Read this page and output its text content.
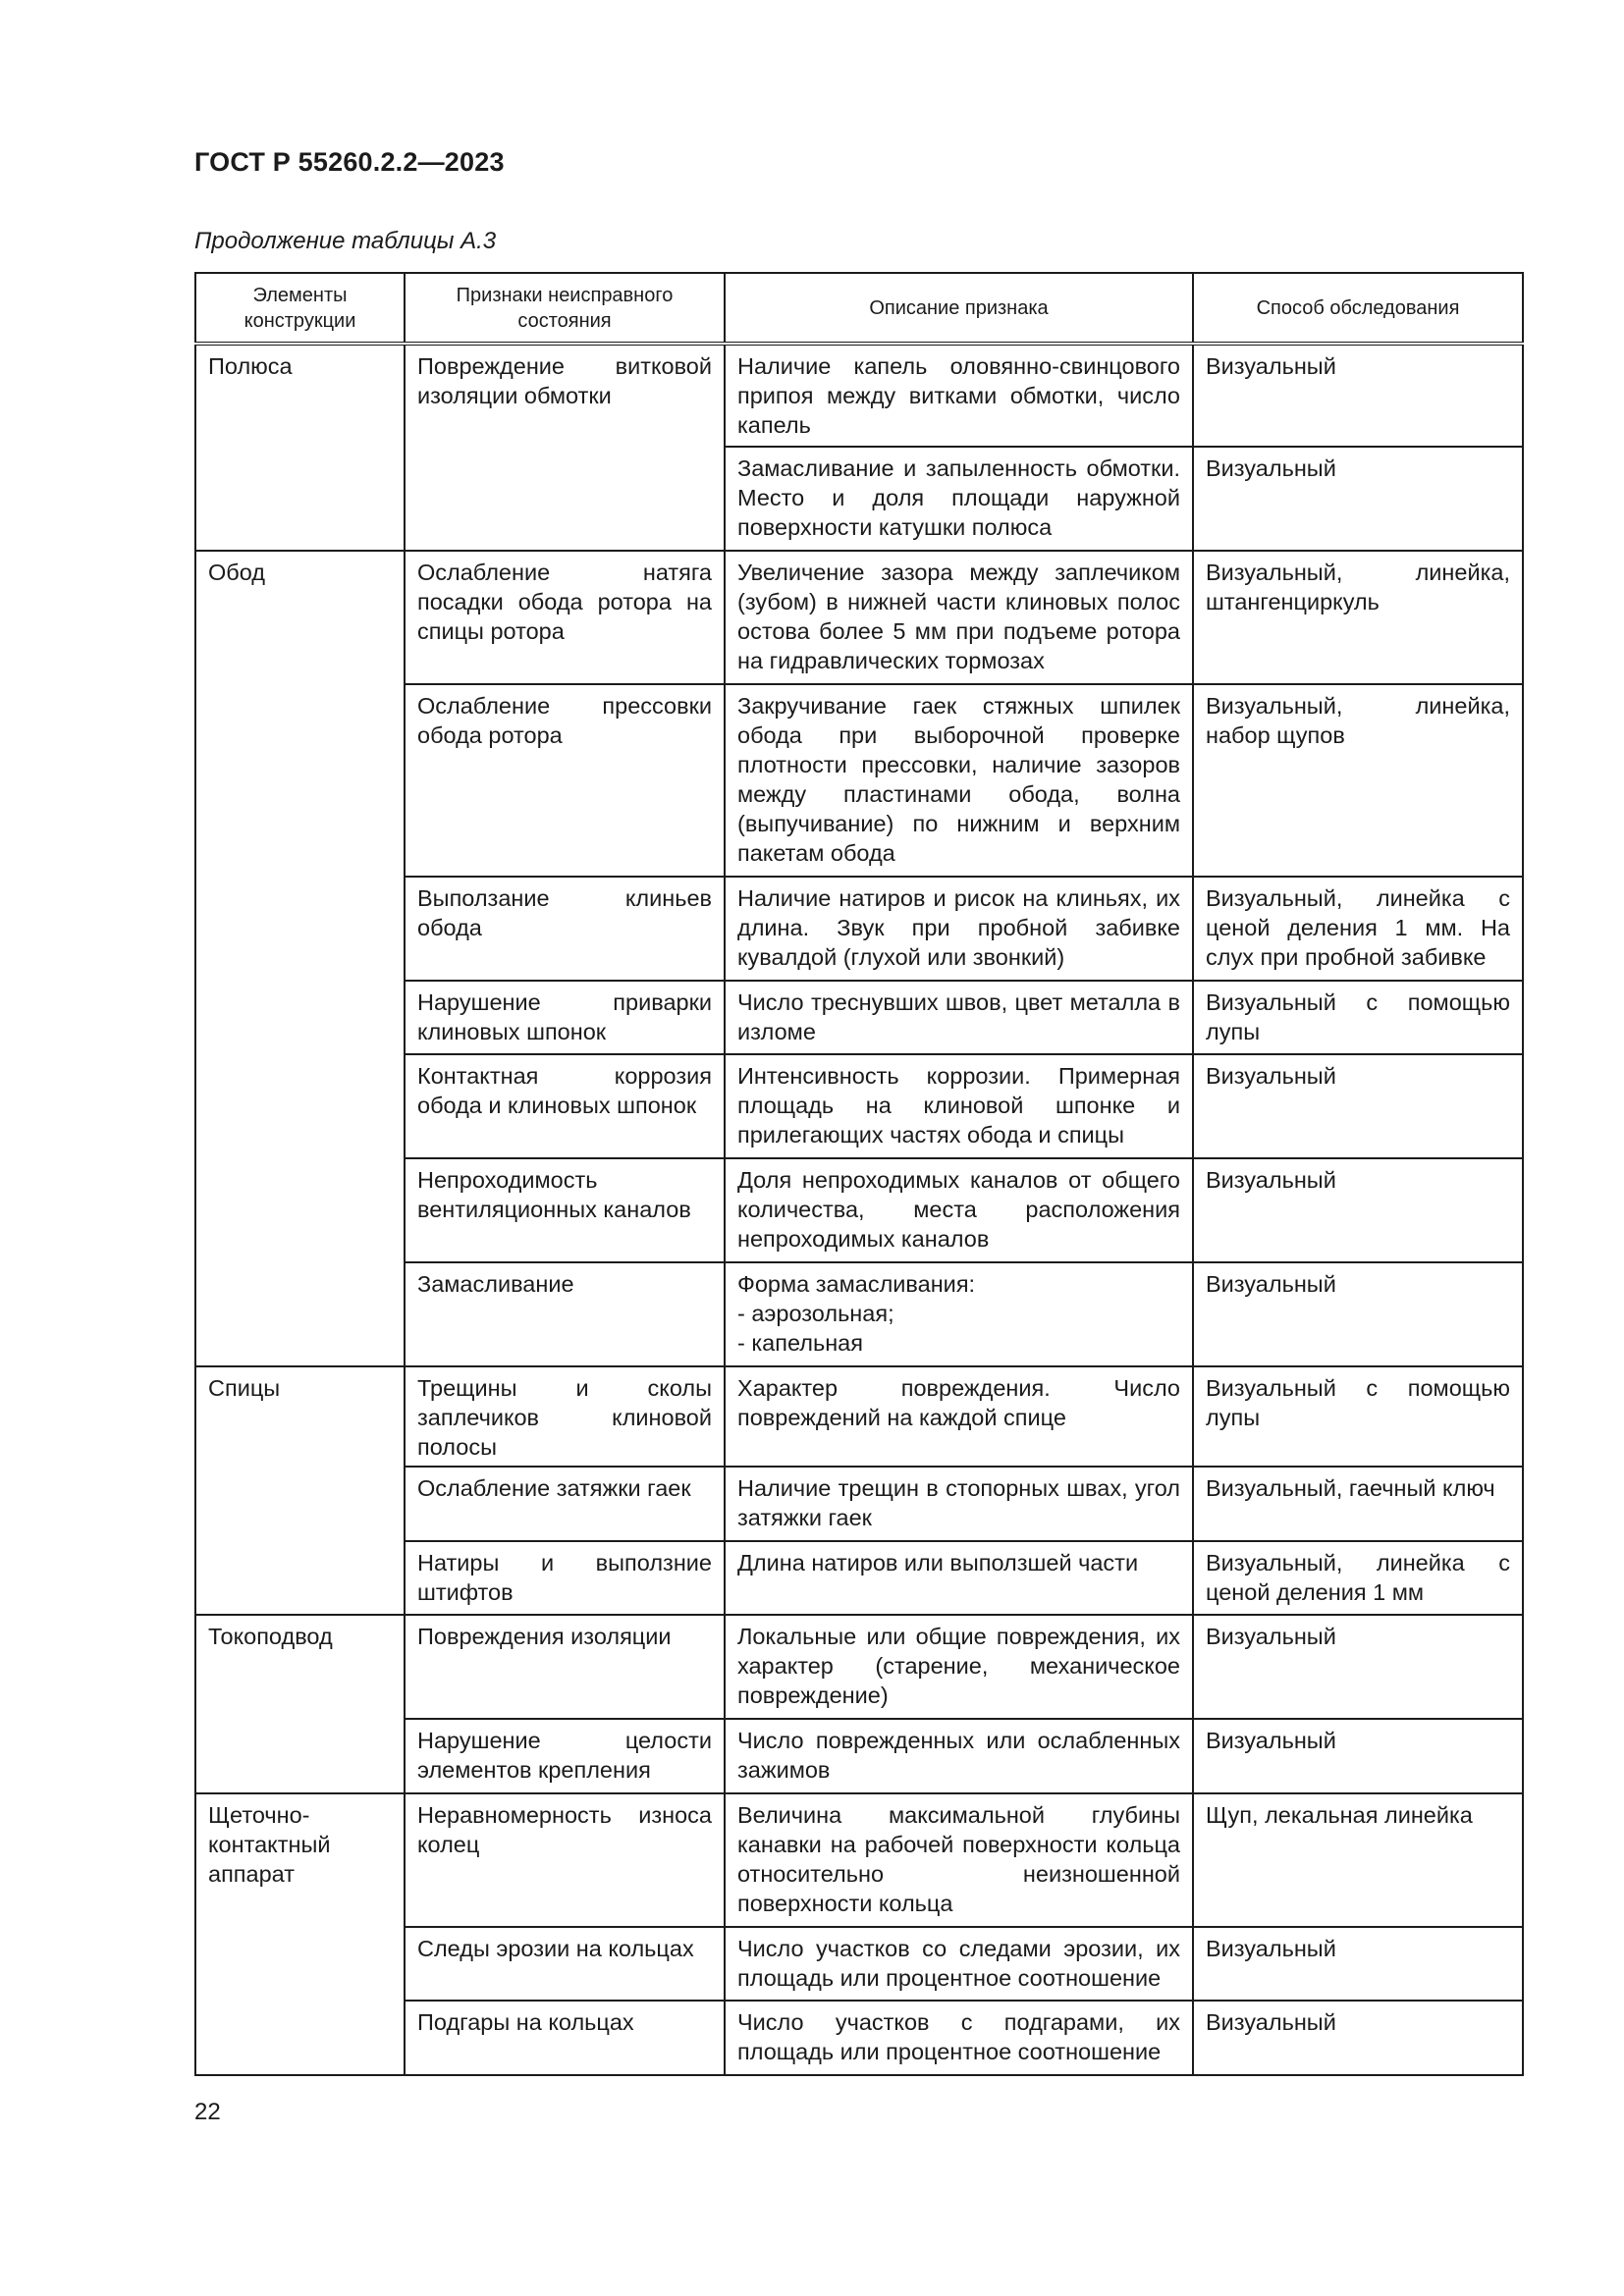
ГОСТ Р 55260.2.2—2023
Продолжение таблицы А.3
Элементы конструкции	Признаки неисправного состояния	Описание признака	Способ обследования
Полюса	Повреждение витковой изоляции обмотки	Наличие капель оловянно-свинцового припоя между витками обмотки, число капель	Визуальный
		Замасливание и запыленность обмотки. Место и доля площади наружной поверхности катушки полюса	Визуальный
Обод	Ослабление натяга посадки обода ротора на спицы ротора	Увеличение зазора между заплечиком (зубом) в нижней части клиновых полос остова более 5 мм при подъеме ротора на гидравлических тормозах	Визуальный, линейка, штангенциркуль
	Ослабление прессовки обода ротора	Закручивание гаек стяжных шпилек обода при выборочной проверке плотности прессовки, наличие зазоров между пластинами обода, волна (выпучивание) по нижним и верхним пакетам обода	Визуальный, линейка, набор щупов
	Выползание клиньев обода	Наличие натиров и рисок на клиньях, их длина. Звук при пробной забивке кувалдой (глухой или звонкий)	Визуальный, линейка с ценой деления 1 мм. На слух при пробной забивке
	Нарушение приварки клиновых шпонок	Число треснувших швов, цвет металла в изломе	Визуальный с помощью лупы
	Контактная коррозия обода и клиновых шпонок	Интенсивность коррозии. Примерная площадь на клиновой шпонке и прилегающих частях обода и спицы	Визуальный
	Непроходимость вентиляционных каналов	Доля непроходимых каналов от общего количества, места расположения непроходимых каналов	Визуальный
	Замасливание	Форма замасливания:
- аэрозольная;
- капельная	Визуальный
Спицы	Трещины и сколы заплечиков клиновой полосы	Характер повреждения. Число повреждений на каждой спице	Визуальный с помощью лупы
	Ослабление затяжки гаек	Наличие трещин в стопорных швах, угол затяжки гаек	Визуальный, гаечный ключ
	Натиры и выползние штифтов	Длина натиров или выползшей части	Визуальный, линейка с ценой деления 1 мм
Токоподвод	Повреждения изоляции	Локальные или общие повреждения, их характер (старение, механическое повреждение)	Визуальный
	Нарушение целости элементов крепления	Число поврежденных или ослабленных зажимов	Визуальный
Щеточно-контактный аппарат	Неравномерность износа колец	Величина максимальной глубины канавки на рабочей поверхности кольца относительно неизношенной поверхности кольца	Щуп, лекальная линейка
	Следы эрозии на кольцах	Число участков со следами эрозии, их площадь или процентное соотношение	Визуальный
	Подгары на кольцах	Число участков с подгарами, их площадь или процентное соотношение	Визуальный
22
